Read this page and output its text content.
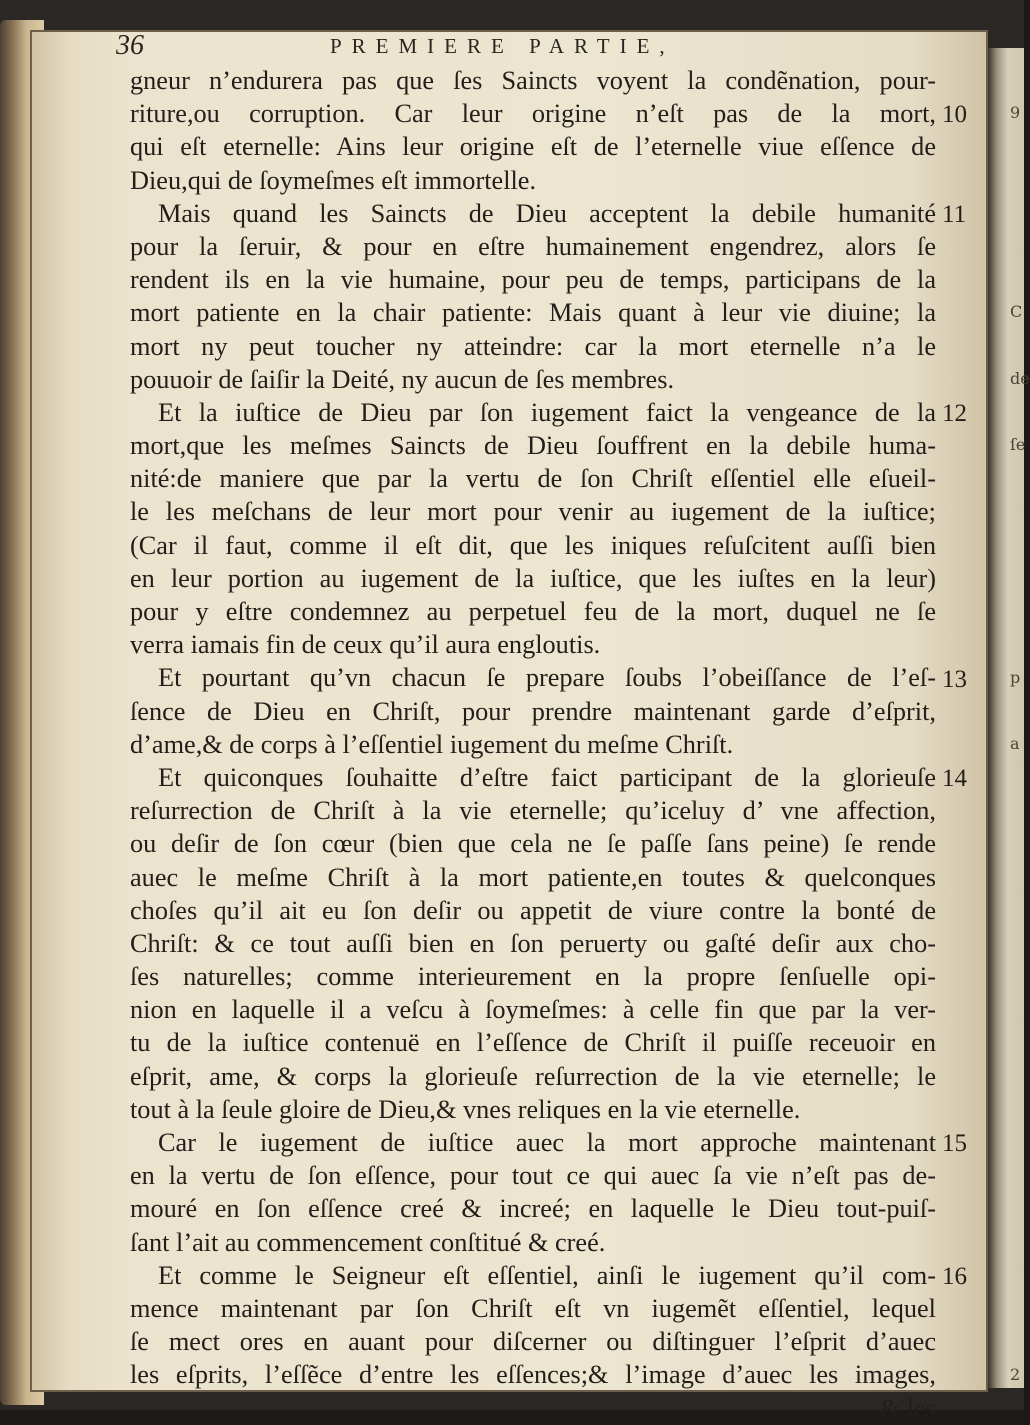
9
C
de
ſe
p
a
2
36	PREMIERE PARTIE,
gneur n’endurera pas que ſes Saincts voyent la condẽnation, pour-
riture,ou corruption. Car leur origine n’eſt pas de la mort,
qui eſt eternelle: Ains leur origine eſt de l’eternelle viue eſſence de
Dieu,qui de ſoymeſmes eſt immortelle.
Mais quand les Saincts de Dieu acceptent la debile humanité
pour la ſeruir, & pour en eſtre humainement engendrez, alors ſe
rendent ils en la vie humaine, pour peu de temps, participans de la
mort patiente en la chair patiente: Mais quant à leur vie diuine; la
mort ny peut toucher ny atteindre: car la mort eternelle n’a le
pouuoir de ſaiſir la Deité, ny aucun de ſes membres.
Et la iuſtice de Dieu par ſon iugement faict la vengeance de la
mort,que les meſmes Saincts de Dieu ſouffrent en la debile huma-
nité:de maniere que par la vertu de ſon Chriſt eſſentiel elle eſueil-
le les meſchans de leur mort pour venir au iugement de la iuſtice;
(Car il faut, comme il eſt dit, que les iniques reſuſcitent auſſi bien
en leur portion au iugement de la iuſtice, que les iuſtes en la leur)
pour y eſtre condemnez au perpetuel feu de la mort, duquel ne ſe
verra iamais fin de ceux qu’il aura engloutis.
Et pourtant qu’vn chacun ſe prepare ſoubs l’obeiſſance de l’eſ-
ſence de Dieu en Chriſt, pour prendre maintenant garde d’eſprit,
d’ame,& de corps à l’eſſentiel iugement du meſme Chriſt.
Et quiconques ſouhaitte d’eſtre faict participant de la glorieuſe
reſurrection de Chriſt à la vie eternelle; qu’iceluy d’ vne affection,
ou deſir de ſon cœur (bien que cela ne ſe paſſe ſans peine) ſe rende
auec le meſme Chriſt à la mort patiente,en toutes & quelconques
choſes qu’il ait eu ſon deſir ou appetit de viure contre la bonté de
Chriſt: & ce tout auſſi bien en ſon peruerty ou gaſté deſir aux cho-
ſes naturelles; comme interieurement en la propre ſenſuelle opi-
nion en laquelle il a veſcu à ſoymeſmes: à celle fin que par la ver-
tu de la iuſtice contenuë en l’eſſence de Chriſt il puiſſe receuoir en
eſprit, ame, & corps la glorieuſe reſurrection de la vie eternelle; le
tout à la ſeule gloire de Dieu,& vnes reliques en la vie eternelle.
Car le iugement de iuſtice auec la mort approche maintenant
en la vertu de ſon eſſence, pour tout ce qui auec ſa vie n’eſt pas de-
mouré en ſon eſſence creé & increé; en laquelle le Dieu tout-puiſ-
ſant l’ait au commencement conſtitué & creé.
Et comme le Seigneur eſt eſſentiel, ainſi le iugement qu’il com-
mence maintenant par ſon Chriſt eſt vn iugemẽt eſſentiel, lequel
ſe mect ores en auant pour diſcerner ou diſtinguer l’eſprit d’auec
les eſprits, l’eſſẽce d’entre les eſſences;& l’image d’auec les images,
& les
10
11
12
13
14
15
16
